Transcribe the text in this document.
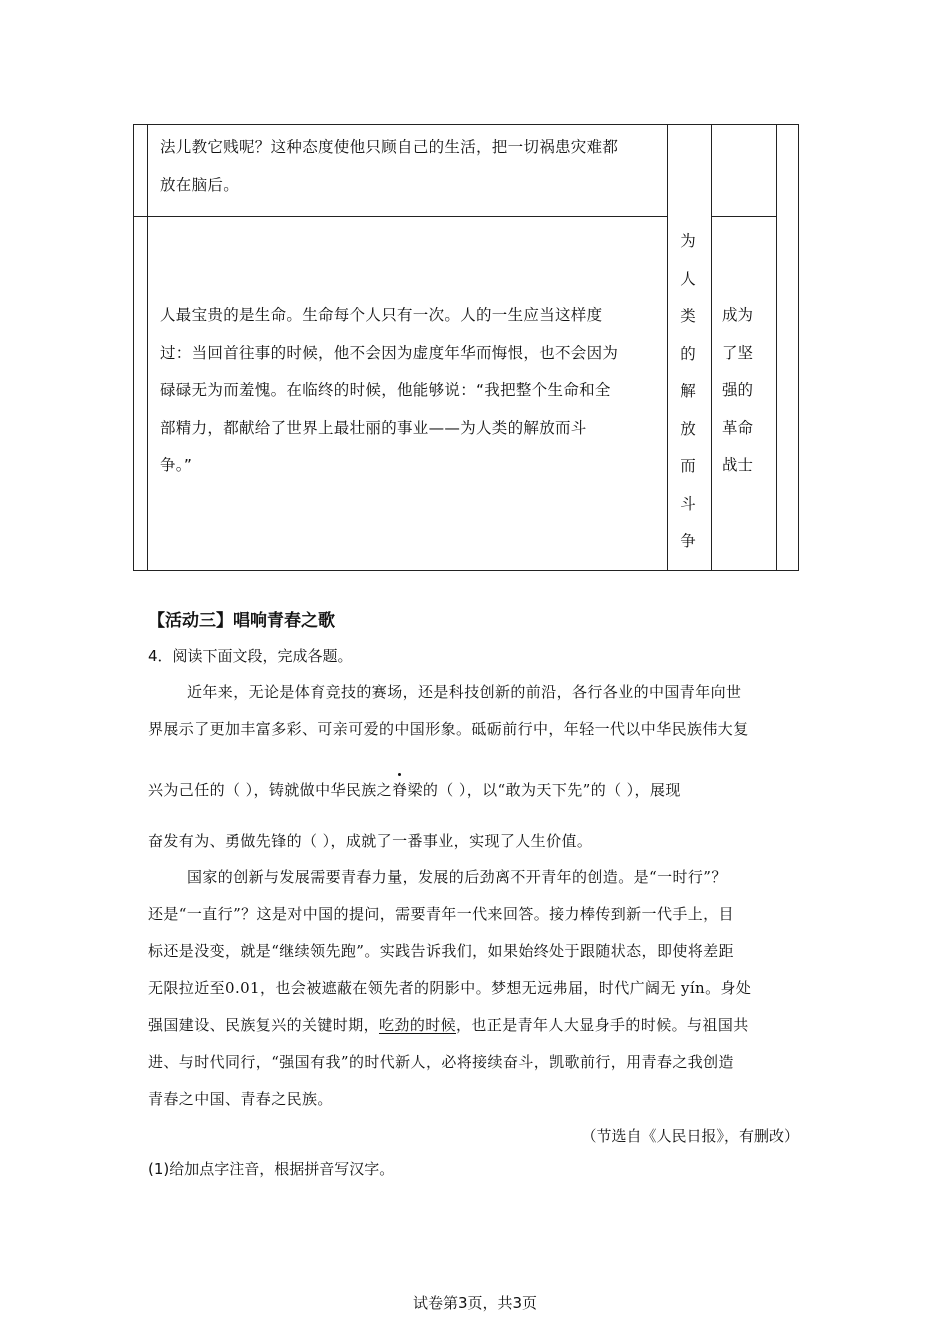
法儿教它贱呢？这种态度使他只顾自己的生活，把一切祸患灾难都
放在脑后。
人最宝贵的是生命。生命每个人只有一次。人的一生应当这样度
过：当回首往事的时候，他不会因为虚度年华而悔恨，也不会因为
碌碌无为而羞愧。在临终的时候，他能够说：“我把整个生命和全
部精力，都献给了世界上最壮丽的事业——为人类的解放而斗
争。”
为
人
类
的
解
放
而
斗
争
成为
了坚
强的
革命
战士
【活动三】唱响青春之歌
4．阅读下面文段，完成各题。
近年来，无论是体育竞技的赛场，还是科技创新的前沿，各行各业的中国青年向世
界展示了更加丰富多彩、可亲可爱的中国形象。砥砺前行中，年轻一代以中华民族伟大复
兴为己任的（ ），铸就做中华民族之脊梁的（ ），以“敢为天下先”的（ ），展现
奋发有为、勇做先锋的（ ），成就了一番事业，实现了人生价值。
国家的创新与发展需要青春力量，发展的后劲离不开青年的创造。是“一时行”？
还是“一直行”？这是对中国的提问，需要青年一代来回答。接力棒传到新一代手上，目
标还是没变，就是“继续领先跑”。实践告诉我们，如果始终处于跟随状态，即使将差距
无限拉近至0.01，也会被遮蔽在领先者的阴影中。梦想无远弗届，时代广阔无 yín。身处
强国建设、民族复兴的关键时期，吃劲的时候，也正是青年人大显身手的时候。与祖国共
进、与时代同行，“强国有我”的时代新人，必将接续奋斗，凯歌前行，用青春之我创造
青春之中国、青春之民族。
（节选自《人民日报》，有删改）
(1)给加点字注音，根据拼音写汉字。
试卷第3页，共3页
